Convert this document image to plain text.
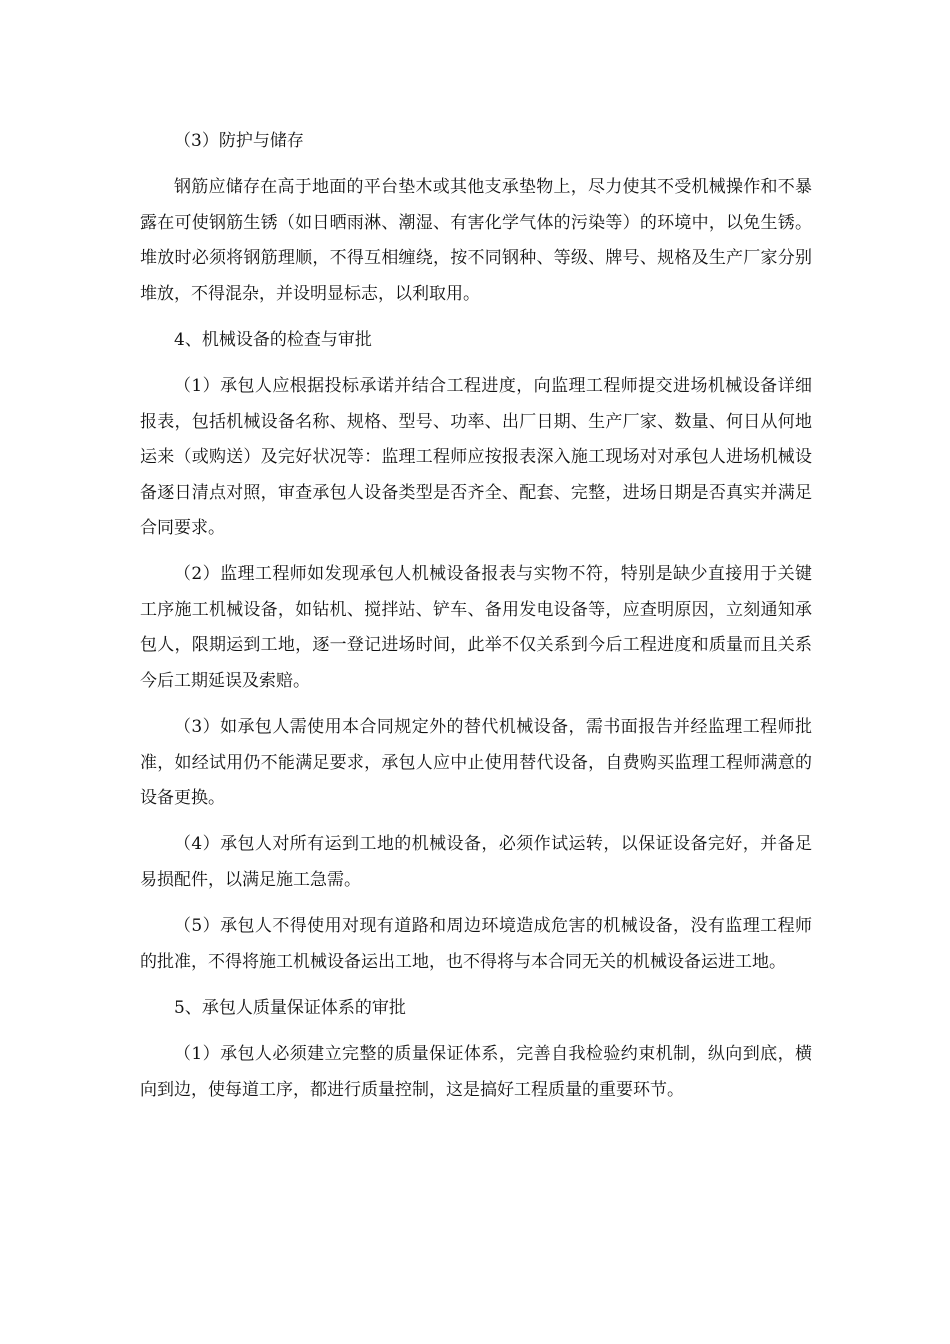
（3）防护与储存

钢筋应储存在高于地面的平台垫木或其他支承垫物上，尽力使其不受机械操作和不暴露在可使钢筋生锈（如日晒雨淋、潮湿、有害化学气体的污染等）的环境中，以免生锈。堆放时必须将钢筋理顺，不得互相缠绕，按不同钢种、等级、牌号、规格及生产厂家分别堆放，不得混杂，并设明显标志，以利取用。

4、机械设备的检查与审批

（1）承包人应根据投标承诺并结合工程进度，向监理工程师提交进场机械设备详细报表，包括机械设备名称、规格、型号、功率、出厂日期、生产厂家、数量、何日从何地运来（或购送）及完好状况等：监理工程师应按报表深入施工现场对对承包人进场机械设备逐日清点对照，审查承包人设备类型是否齐全、配套、完整，进场日期是否真实并满足合同要求。

（2）监理工程师如发现承包人机械设备报表与实物不符，特别是缺少直接用于关键工序施工机械设备，如钻机、搅拌站、铲车、备用发电设备等，应查明原因，立刻通知承包人，限期运到工地，逐一登记进场时间，此举不仅关系到今后工程进度和质量而且关系今后工期延误及索赔。

（3）如承包人需使用本合同规定外的替代机械设备，需书面报告并经监理工程师批准，如经试用仍不能满足要求，承包人应中止使用替代设备，自费购买监理工程师满意的设备更换。

（4）承包人对所有运到工地的机械设备，必须作试运转，以保证设备完好，并备足易损配件，以满足施工急需。

（5）承包人不得使用对现有道路和周边环境造成危害的机械设备，没有监理工程师的批准，不得将施工机械设备运出工地，也不得将与本合同无关的机械设备运进工地。

5、承包人质量保证体系的审批

（1）承包人必须建立完整的质量保证体系，完善自我检验约束机制，纵向到底，横向到边，使每道工序，都进行质量控制，这是搞好工程质量的重要环节。
